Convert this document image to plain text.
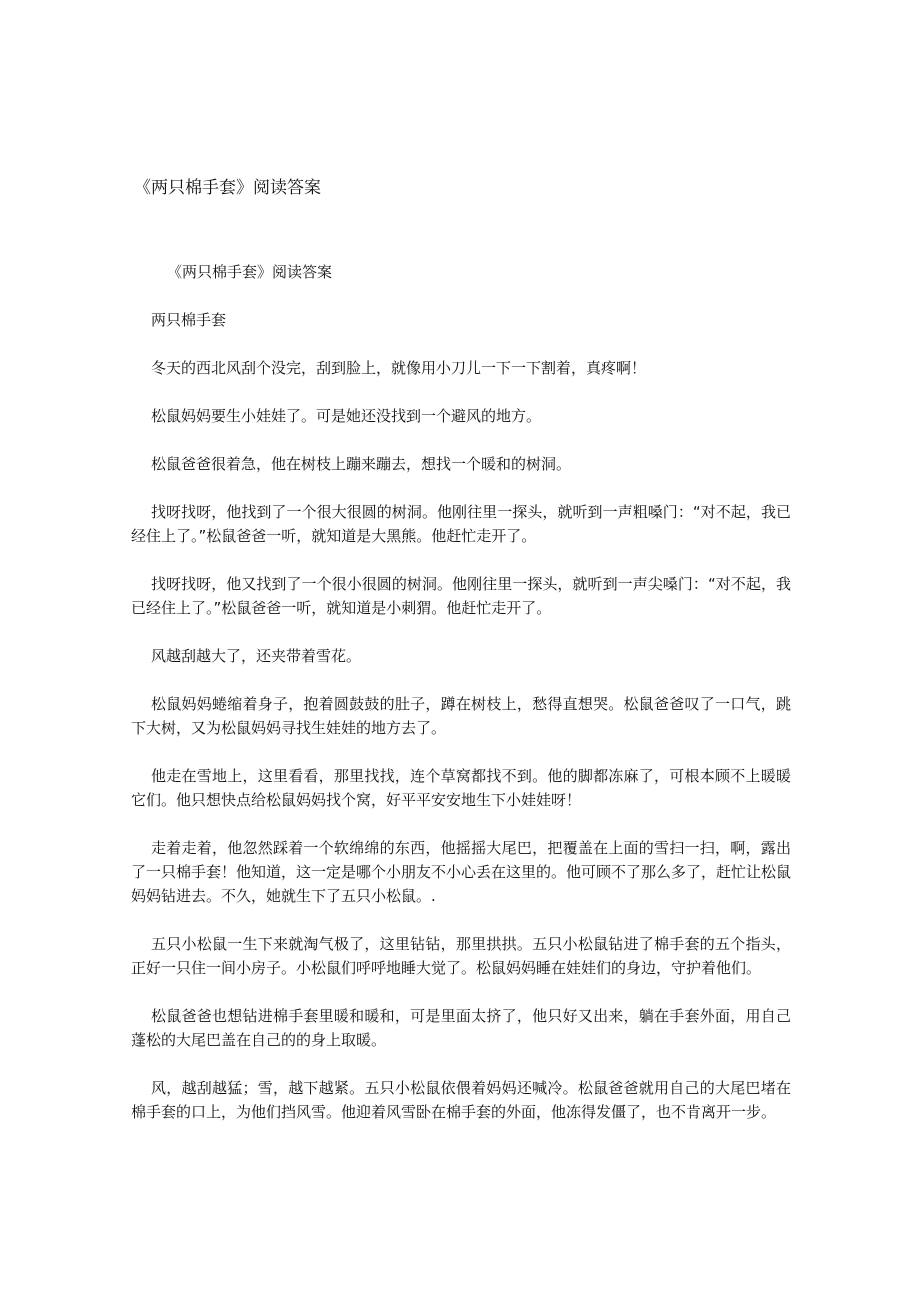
《两只棉手套》阅读答案

《两只棉手套》阅读答案

两只棉手套

冬天的西北风刮个没完，刮到脸上，就像用小刀儿一下一下割着，真疼啊！

松鼠妈妈要生小娃娃了。可是她还没找到一个避风的地方。

松鼠爸爸很着急，他在树枝上蹦来蹦去，想找一个暖和的树洞。

找呀找呀，他找到了一个很大很圆的树洞。他刚往里一探头，就听到一声粗嗓门：“对不起，我已经住上了。”松鼠爸爸一听，就知道是大黑熊。他赶忙走开了。

找呀找呀，他又找到了一个很小很圆的树洞。他刚往里一探头，就听到一声尖嗓门：“对不起，我已经住上了。”松鼠爸爸一听，就知道是小刺猬。他赶忙走开了。

风越刮越大了，还夹带着雪花。

松鼠妈妈蜷缩着身子，抱着圆鼓鼓的肚子，蹲在树枝上，愁得直想哭。松鼠爸爸叹了一口气，跳下大树，又为松鼠妈妈寻找生娃娃的地方去了。

他走在雪地上，这里看看，那里找找，连个草窝都找不到。他的脚都冻麻了，可根本顾不上暖暖它们。他只想快点给松鼠妈妈找个窝，好平平安安地生下小娃娃呀！

走着走着，他忽然踩着一个软绵绵的东西，他摇摇大尾巴，把覆盖在上面的雪扫一扫，啊，露出了一只棉手套！他知道，这一定是哪个小朋友不小心丢在这里的。他可顾不了那么多了，赶忙让松鼠妈妈钻进去。不久，她就生下了五只小松鼠。.

五只小松鼠一生下来就淘气极了，这里钻钻，那里拱拱。五只小松鼠钻进了棉手套的五个指头，正好一只住一间小房子。小松鼠们呼呼地睡大觉了。松鼠妈妈睡在娃娃们的身边，守护着他们。

松鼠爸爸也想钻进棉手套里暖和暖和，可是里面太挤了，他只好又出来，躺在手套外面，用自己蓬松的大尾巴盖在自己的的身上取暖。

风，越刮越猛；雪，越下越紧。五只小松鼠依偎着妈妈还喊冷。松鼠爸爸就用自己的大尾巴堵在棉手套的口上，为他们挡风雪。他迎着风雪卧在棉手套的外面，他冻得发僵了，也不肯离开一步。
